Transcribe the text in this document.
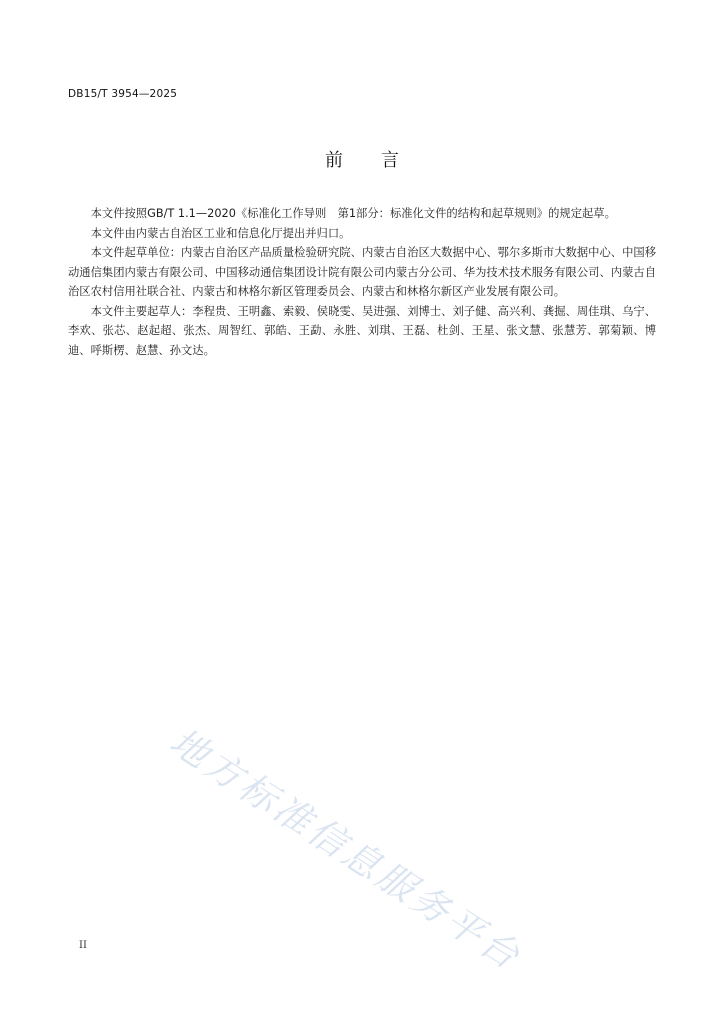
DB15/T 3954—2025
前 言

本文件按照GB/T 1.1—2020《标准化工作导则　第1部分：标准化文件的结构和起草规则》的规定起草。

本文件由内蒙古自治区工业和信息化厅提出并归口。

本文件起草单位：内蒙古自治区产品质量检验研究院、内蒙古自治区大数据中心、鄂尔多斯市大数据中心、中国移动通信集团内蒙古有限公司、中国移动通信集团设计院有限公司内蒙古分公司、华为技术技术服务有限公司、内蒙古自治区农村信用社联合社、内蒙古和林格尔新区管理委员会、内蒙古和林格尔新区产业发展有限公司。

本文件主要起草人：李程贵、王明鑫、索毅、侯晓雯、吴进强、刘博士、刘子健、高兴利、龚掘、周佳琪、乌宁、李欢、张芯、赵起超、张杰、周智红、郭皓、王勐、永胜、刘琪、王磊、杜剑、王星、张文慧、张慧芳、郭菊颖、博迪、呼斯楞、赵慧、孙文达。

地方标准信息服务平台
II
